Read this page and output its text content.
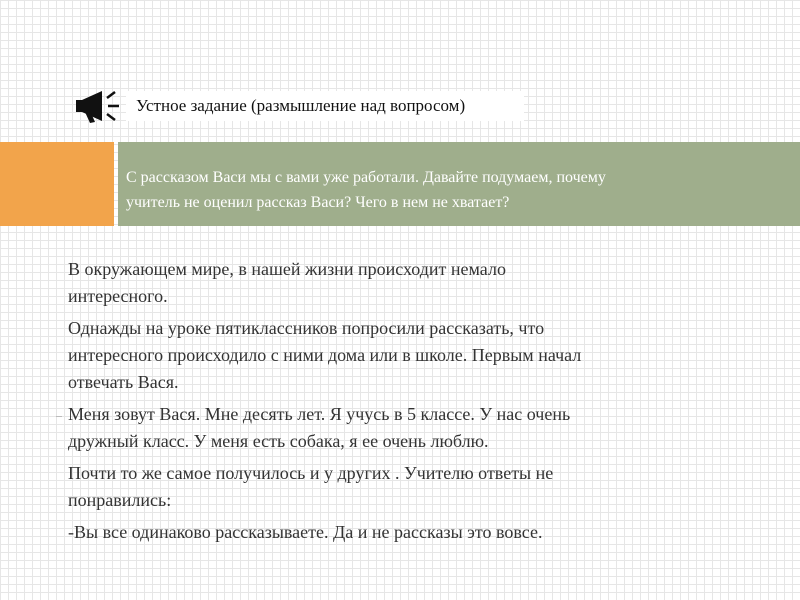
Устное задание (размышление над вопросом)
С рассказом Васи мы с вами уже работали. Давайте подумаем, почему
учитель не оценил рассказ Васи? Чего в нем не хватает?

В окружающем мире, в нашей жизни происходит немало
интересного.

Однажды на уроке пятиклассников попросили рассказать, что
интересного происходило с ними дома или в школе. Первым начал
отвечать Вася.

Меня зовут Вася. Мне десять лет. Я учусь в 5 классе. У нас очень
дружный класс. У меня есть собака, я ее очень люблю.

Почти то же самое получилось и у других . Учителю ответы не
понравились:

-Вы все одинаково рассказываете. Да и не рассказы это вовсе.
